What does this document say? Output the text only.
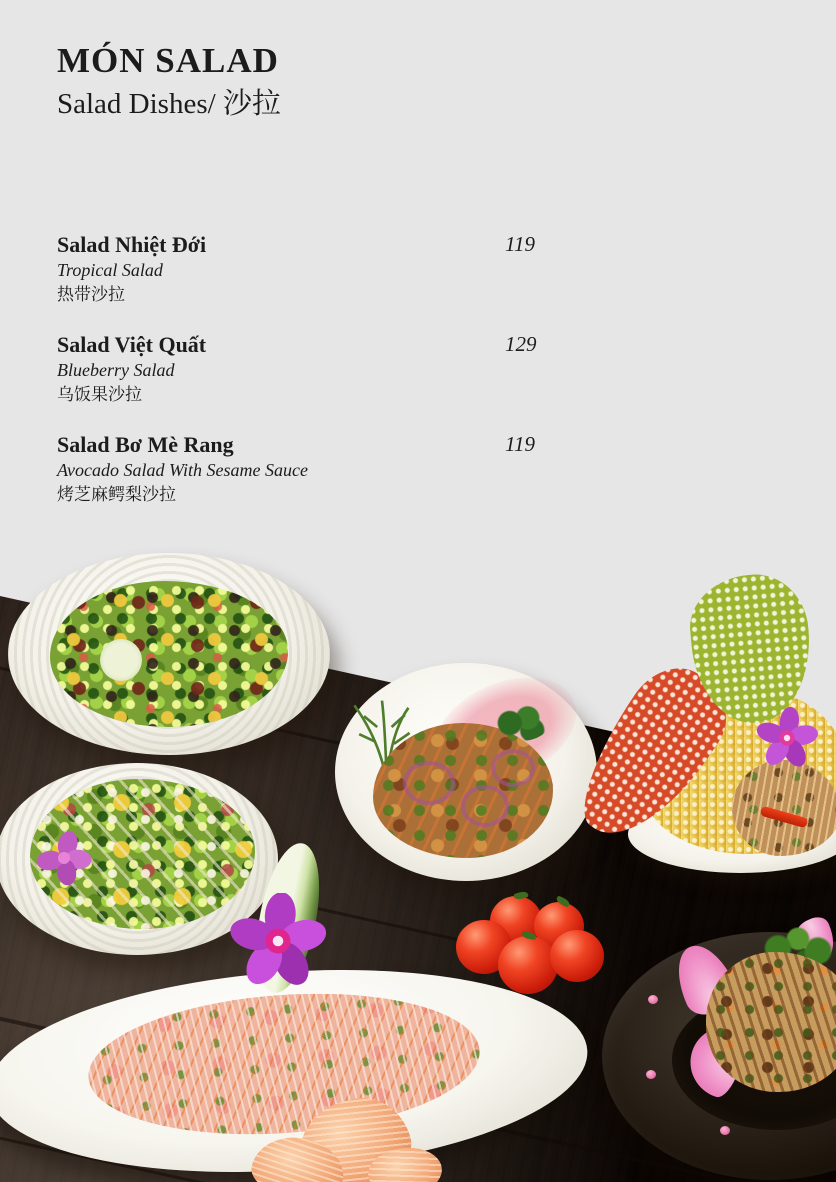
MÓN SALAD
Salad Dishes/ 沙拉
Salad Nhiệt Đới	119
Tropical Salad
热带沙拉
Salad Việt Quất	129
Blueberry Salad
乌饭果沙拉
Salad Bơ Mè Rang	119
Avocado Salad With Sesame Sauce
烤芝麻鳄梨沙拉
